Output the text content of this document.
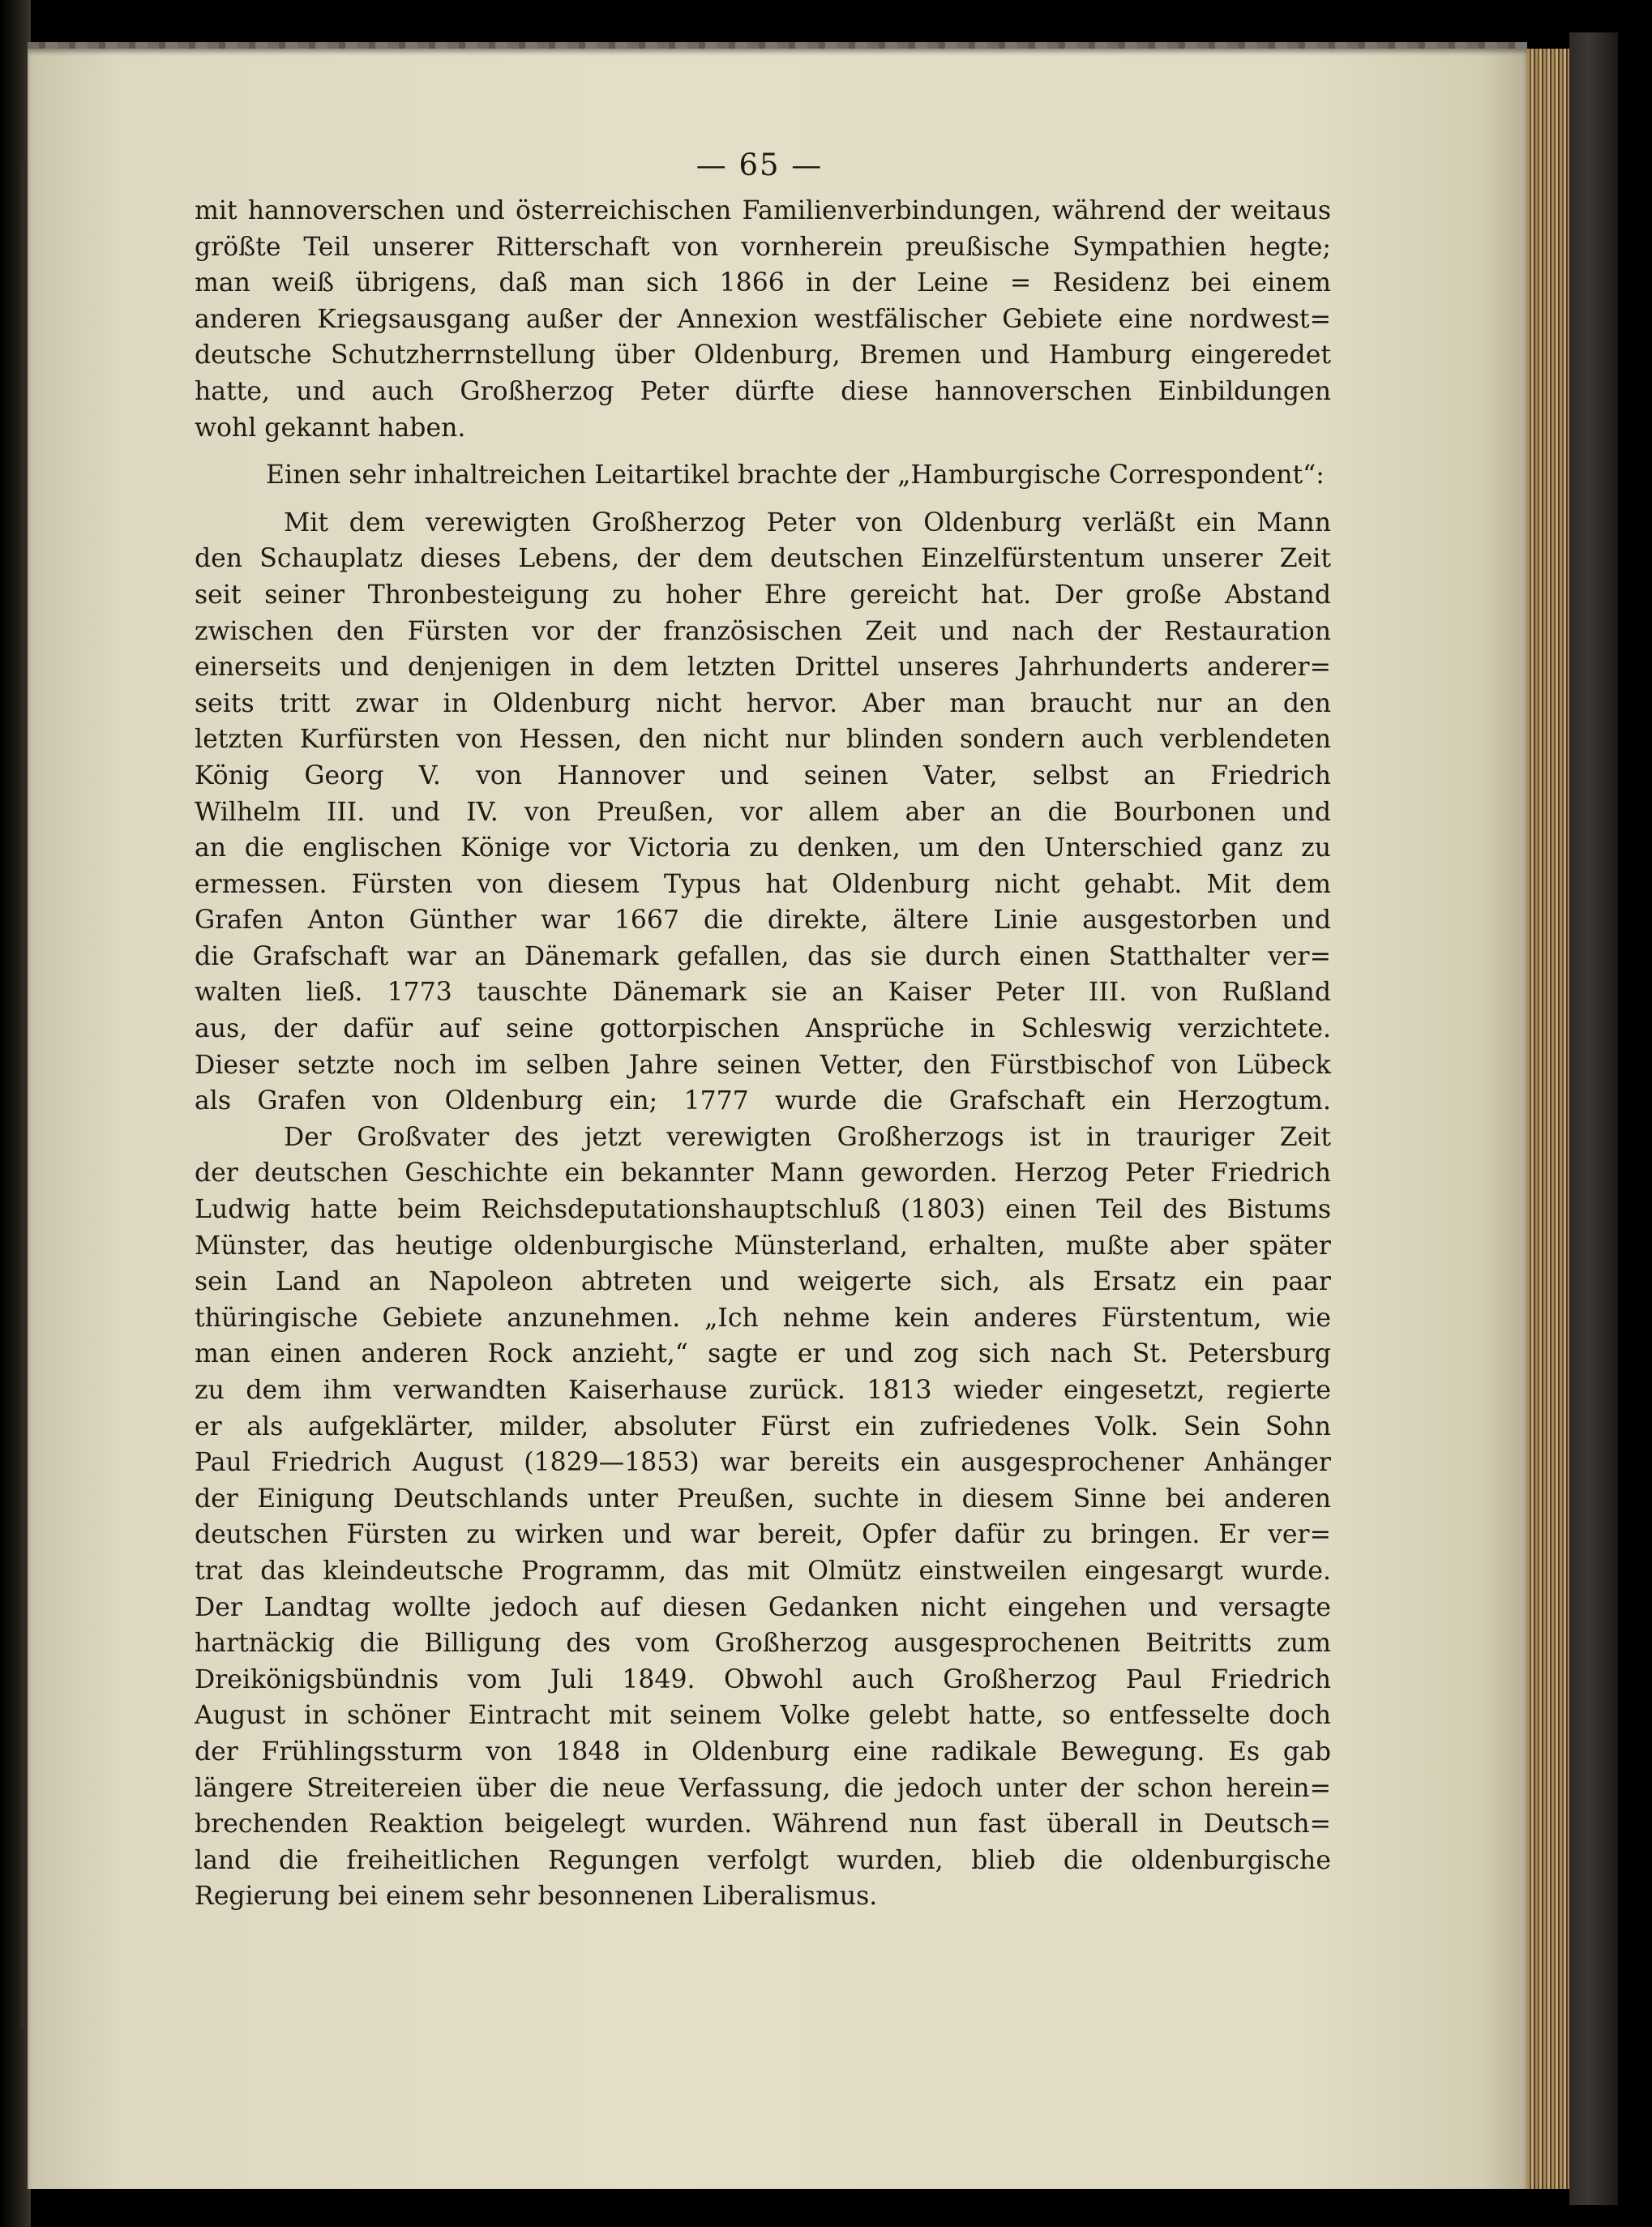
— 65 —
mit hannoverschen und österreichischen Familienverbindungen, während der weitaus
größte Teil unserer Ritterschaft von vornherein preußische Sympathien hegte;
man weiß übrigens, daß man sich 1866 in der Leine = Residenz bei einem
anderen Kriegsausgang außer der Annexion westfälischer Gebiete eine nordwest=
deutsche Schutzherrnstellung über Oldenburg, Bremen und Hamburg eingeredet
hatte, und auch Großherzog Peter dürfte diese hannoverschen Einbildungen
wohl gekannt haben.
Einen sehr inhaltreichen Leitartikel brachte der „Hamburgische Correspondent“:
Mit dem verewigten Großherzog Peter von Oldenburg verläßt ein Mann
den Schauplatz dieses Lebens, der dem deutschen Einzelfürstentum unserer Zeit
seit seiner Thronbesteigung zu hoher Ehre gereicht hat. Der große Abstand
zwischen den Fürsten vor der französischen Zeit und nach der Restauration
einerseits und denjenigen in dem letzten Drittel unseres Jahrhunderts anderer=
seits tritt zwar in Oldenburg nicht hervor. Aber man braucht nur an den
letzten Kurfürsten von Hessen, den nicht nur blinden sondern auch verblendeten
König Georg V. von Hannover und seinen Vater, selbst an Friedrich
Wilhelm III. und IV. von Preußen, vor allem aber an die Bourbonen und
an die englischen Könige vor Victoria zu denken, um den Unterschied ganz zu
ermessen. Fürsten von diesem Typus hat Oldenburg nicht gehabt. Mit dem
Grafen Anton Günther war 1667 die direkte, ältere Linie ausgestorben und
die Grafschaft war an Dänemark gefallen, das sie durch einen Statthalter ver=
walten ließ. 1773 tauschte Dänemark sie an Kaiser Peter III. von Rußland
aus, der dafür auf seine gottorpischen Ansprüche in Schleswig verzichtete.
Dieser setzte noch im selben Jahre seinen Vetter, den Fürstbischof von Lübeck
als Grafen von Oldenburg ein; 1777 wurde die Grafschaft ein Herzogtum.
Der Großvater des jetzt verewigten Großherzogs ist in trauriger Zeit
der deutschen Geschichte ein bekannter Mann geworden. Herzog Peter Friedrich
Ludwig hatte beim Reichsdeputationshauptschluß (1803) einen Teil des Bistums
Münster, das heutige oldenburgische Münsterland, erhalten, mußte aber später
sein Land an Napoleon abtreten und weigerte sich, als Ersatz ein paar
thüringische Gebiete anzunehmen. „Ich nehme kein anderes Fürstentum, wie
man einen anderen Rock anzieht,“ sagte er und zog sich nach St. Petersburg
zu dem ihm verwandten Kaiserhause zurück. 1813 wieder eingesetzt, regierte
er als aufgeklärter, milder, absoluter Fürst ein zufriedenes Volk. Sein Sohn
Paul Friedrich August (1829—1853) war bereits ein ausgesprochener Anhänger
der Einigung Deutschlands unter Preußen, suchte in diesem Sinne bei anderen
deutschen Fürsten zu wirken und war bereit, Opfer dafür zu bringen. Er ver=
trat das kleindeutsche Programm, das mit Olmütz einstweilen eingesargt wurde.
Der Landtag wollte jedoch auf diesen Gedanken nicht eingehen und versagte
hartnäckig die Billigung des vom Großherzog ausgesprochenen Beitritts zum
Dreikönigsbündnis vom Juli 1849. Obwohl auch Großherzog Paul Friedrich
August in schöner Eintracht mit seinem Volke gelebt hatte, so entfesselte doch
der Frühlingssturm von 1848 in Oldenburg eine radikale Bewegung. Es gab
längere Streitereien über die neue Verfassung, die jedoch unter der schon herein=
brechenden Reaktion beigelegt wurden. Während nun fast überall in Deutsch=
land die freiheitlichen Regungen verfolgt wurden, blieb die oldenburgische
Regierung bei einem sehr besonnenen Liberalismus.
